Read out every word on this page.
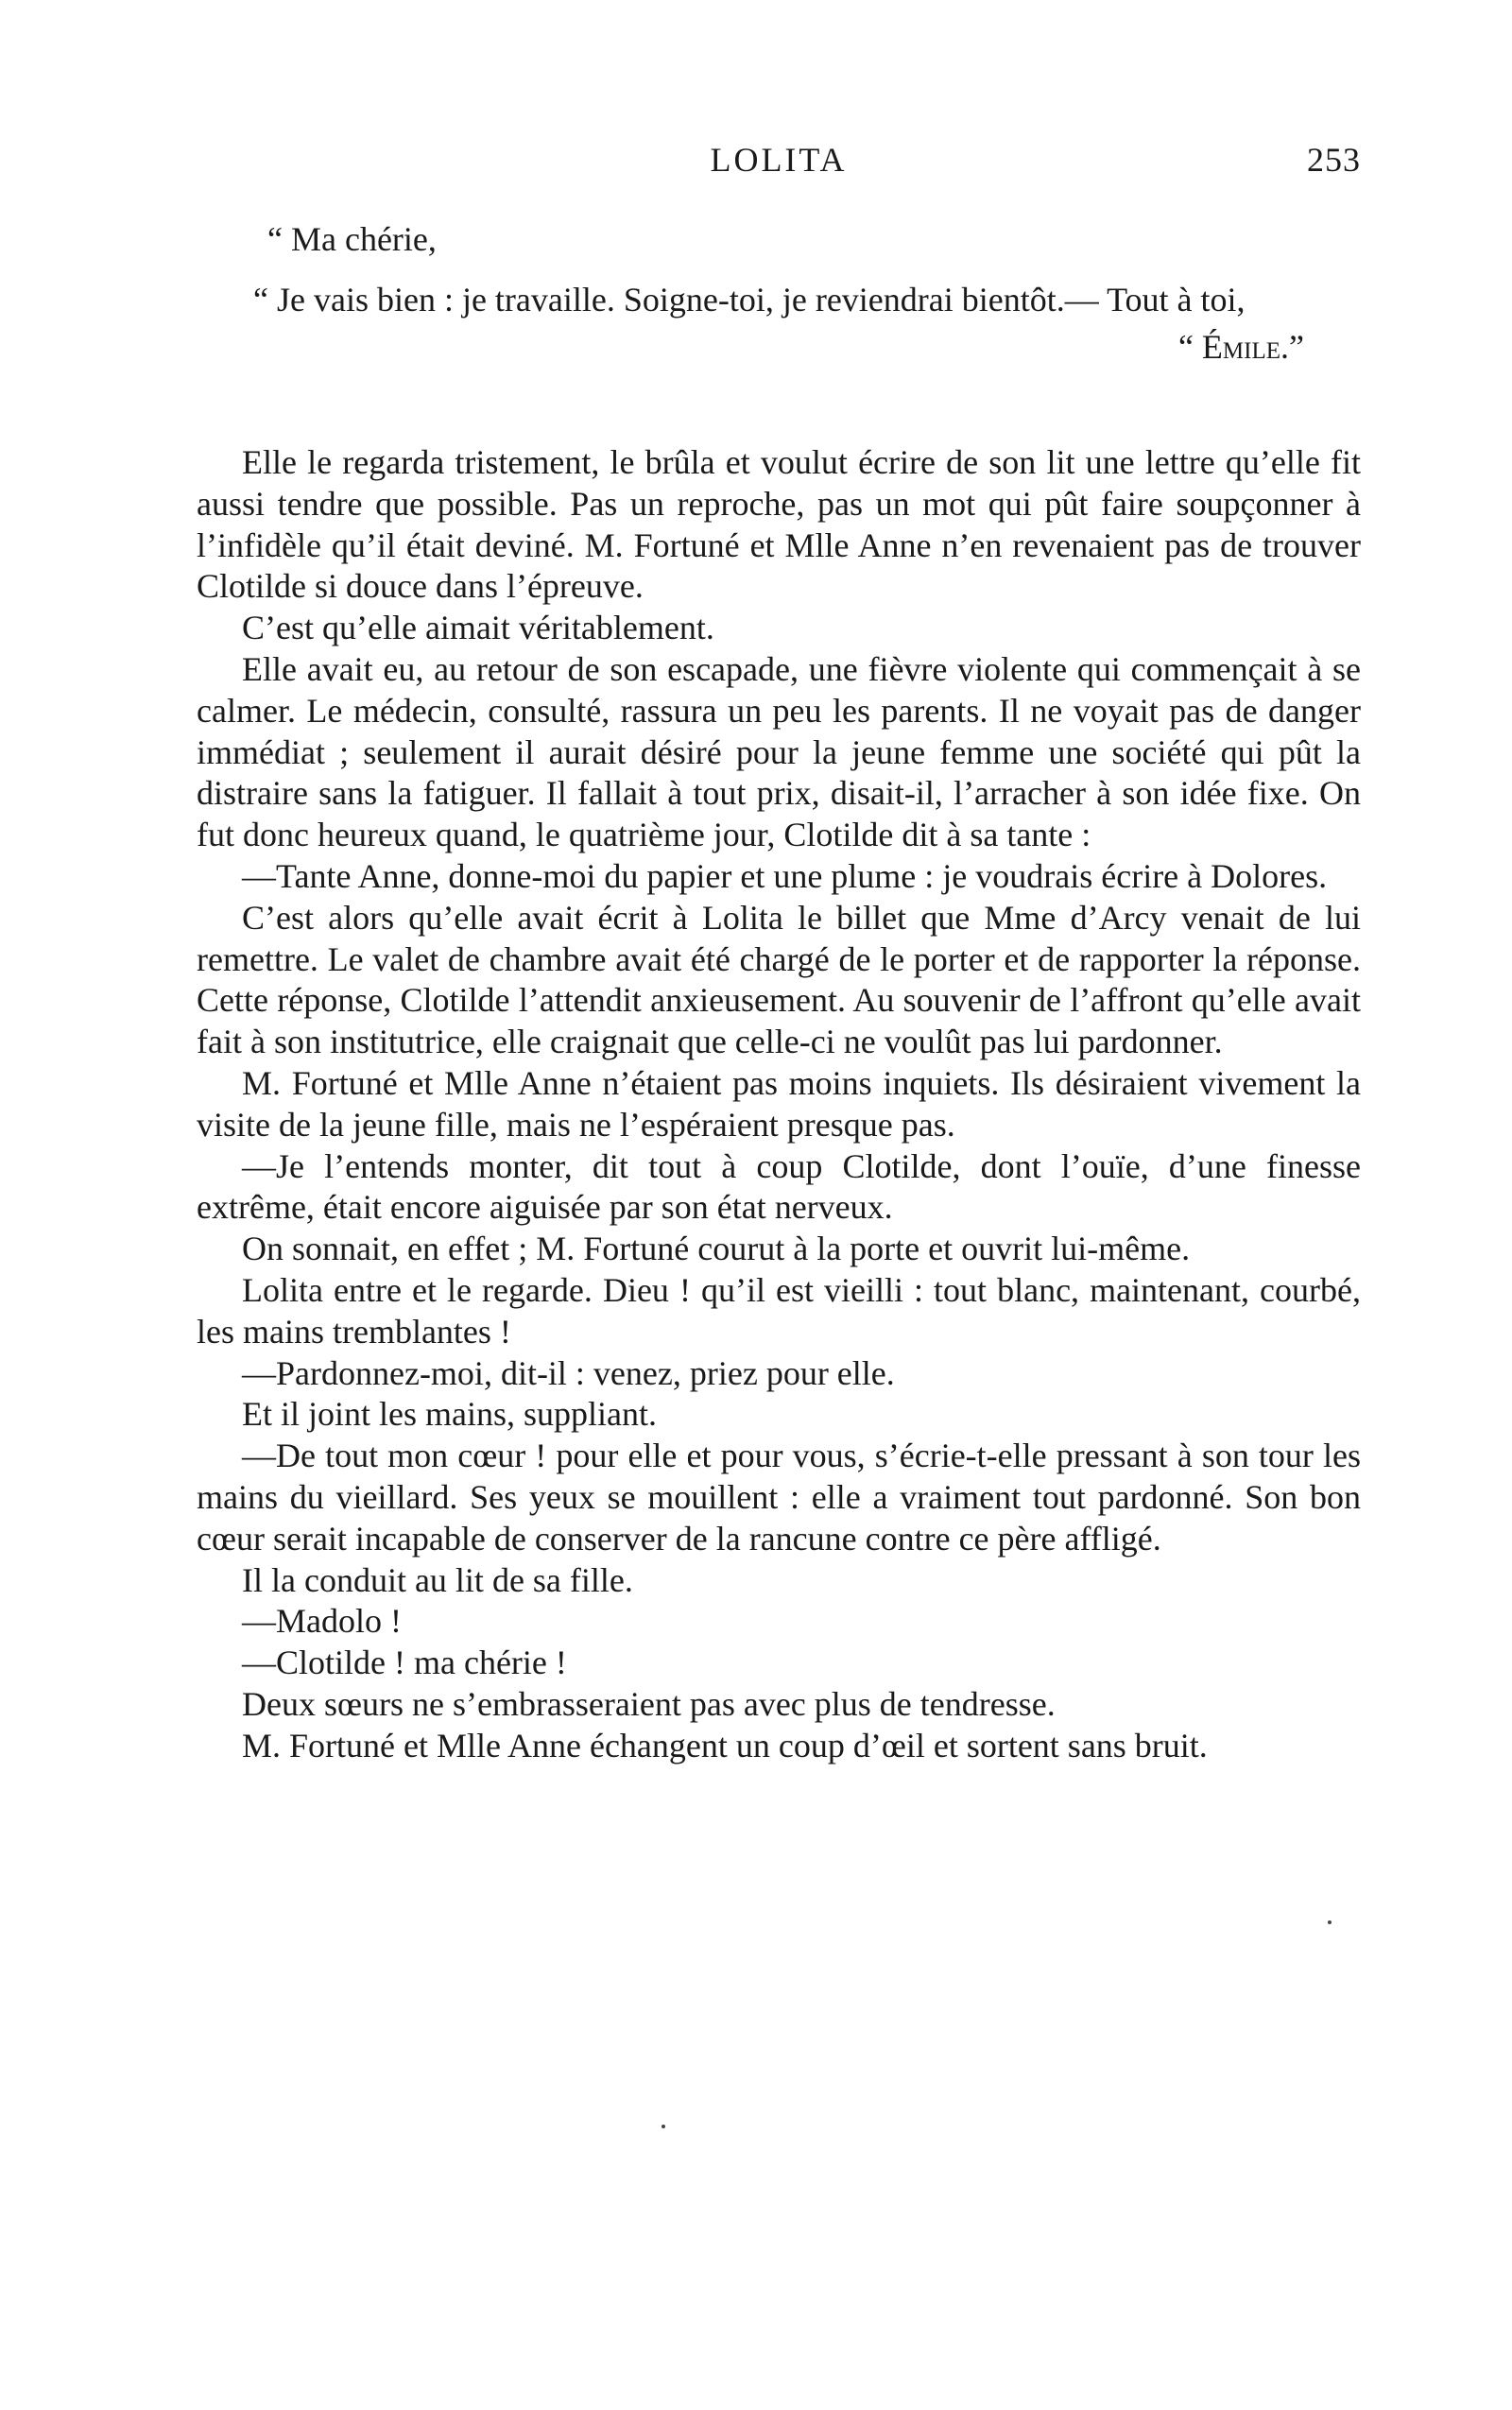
LOLITA	253
“ Ma chérie,
“ Je vais bien : je travaille. Soigne-toi, je reviendrai bientôt.— Tout à toi,
“ Émile.”

Elle le regarda tristement, le brûla et voulut écrire de son lit une lettre qu’elle fit aussi tendre que possible. Pas un reproche, pas un mot qui pût faire soupçonner à l’infidèle qu’il était deviné. M. Fortuné et Mlle Anne n’en revenaient pas de trouver Clotilde si douce dans l’épreuve.

C’est qu’elle aimait véritablement.

Elle avait eu, au retour de son escapade, une fièvre violente qui commençait à se calmer. Le médecin, consulté, rassura un peu les parents. Il ne voyait pas de danger immédiat ; seulement il aurait désiré pour la jeune femme une société qui pût la distraire sans la fatiguer. Il fallait à tout prix, disait-il, l’arracher à son idée fixe. On fut donc heureux quand, le quatrième jour, Clotilde dit à sa tante :

—Tante Anne, donne-moi du papier et une plume : je voudrais écrire à Dolores.

C’est alors qu’elle avait écrit à Lolita le billet que Mme d’Arcy venait de lui remettre. Le valet de chambre avait été chargé de le porter et de rapporter la réponse. Cette réponse, Clotilde l’attendit anxieusement. Au souvenir de l’affront qu’elle avait fait à son institutrice, elle craignait que celle-ci ne voulût pas lui pardonner.

M. Fortuné et Mlle Anne n’étaient pas moins inquiets. Ils désiraient vivement la visite de la jeune fille, mais ne l’espéraient presque pas.

—Je l’entends monter, dit tout à coup Clotilde, dont l’ouïe, d’une finesse extrême, était encore aiguisée par son état nerveux.

On sonnait, en effet ; M. Fortuné courut à la porte et ouvrit lui-même.

Lolita entre et le regarde. Dieu ! qu’il est vieilli : tout blanc, maintenant, courbé, les mains tremblantes !

—Pardonnez-moi, dit-il : venez, priez pour elle.

Et il joint les mains, suppliant.

—De tout mon cœur ! pour elle et pour vous, s’écrie-t-elle pressant à son tour les mains du vieillard. Ses yeux se mouillent : elle a vraiment tout pardonné. Son bon cœur serait incapable de conserver de la rancune contre ce père affligé.

Il la conduit au lit de sa fille.

—Madolo !

—Clotilde ! ma chérie !

Deux sœurs ne s’embrasseraient pas avec plus de tendresse.

M. Fortuné et Mlle Anne échangent un coup d’œil et sortent sans bruit.
